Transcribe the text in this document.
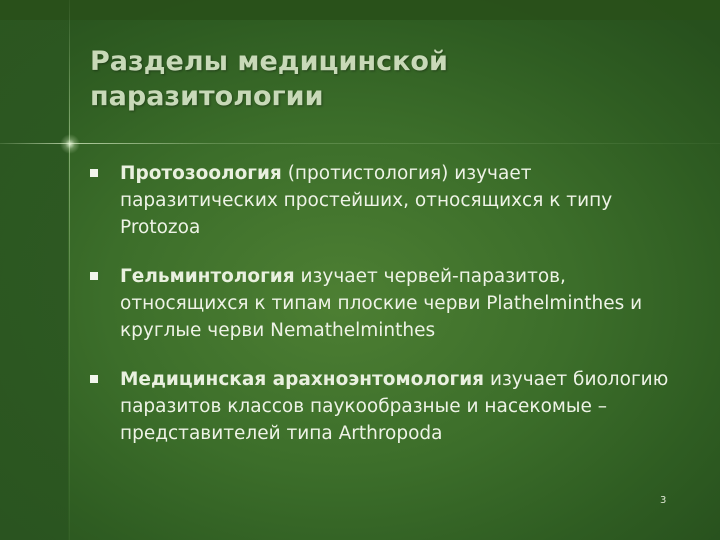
Разделы медицинской паразитологии
Протозоология (протистология) изучает паразитических простейших, относящихся к типу Protozoa
Гельминтология изучает червей-паразитов, относящихся к типам плоские черви Plathelminthes и круглые черви Nemathelminthes
Медицинская арахноэнтомология изучает биологию паразитов классов паукообразные и насекомые – представителей типа Arthropoda
3
